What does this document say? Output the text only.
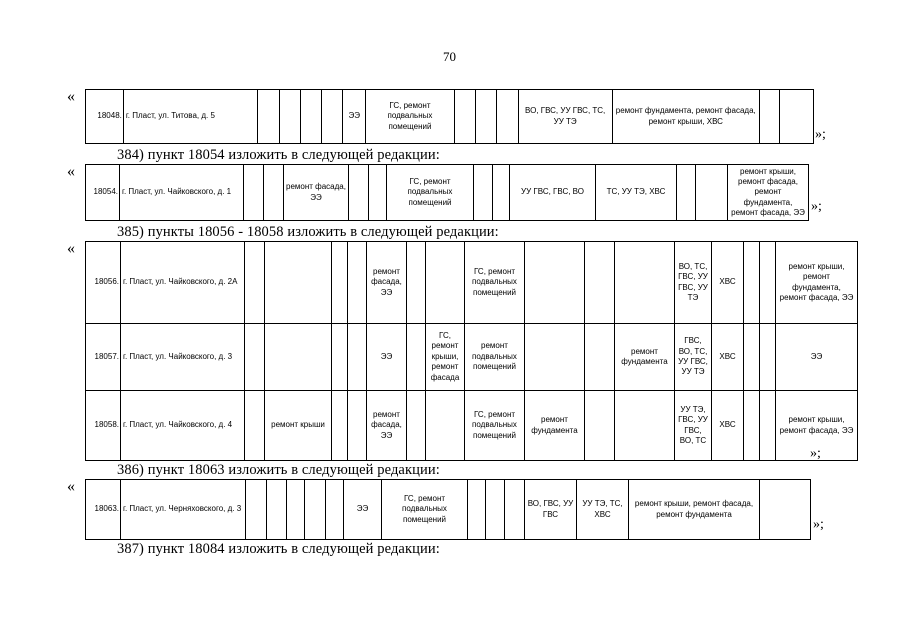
70
«
18048.	г. Пласт, ул. Титова, д. 5					ЭЭ	ГС, ремонт подвальных помещений				ВО, ГВС, УУ ГВС, ТС, УУ ТЭ	ремонт фундамента, ремонт фасада, ремонт крыши, ХВС		
»;
384) пункт 18054 изложить в следующей редакции:
«
18054.	г. Пласт, ул. Чайковского, д. 1			ремонт фасада, ЭЭ			ГС, ремонт подвальных помещений			УУ ГВС, ГВС, ВО	ТС, УУ ТЭ, ХВС			ремонт крыши, ремонт фасада, ремонт фундамента, ремонт фасада, ЭЭ »;
385) пункты 18056 - 18058 изложить в следующей редакции:
«
18056.	г. Пласт, ул. Чайковского, д. 2А					ремонт фасада, ЭЭ			ГС, ремонт подвальных помещений				ВО, ТС, ГВС, УУ ГВС, УУ ТЭ	ХВС			ремонт крыши, ремонт фундамента, ремонт фасада, ЭЭ
18057.	г. Пласт, ул. Чайковского, д. 3					ЭЭ		ГС, ремонт крыши, ремонт фасада	ремонт подвальных помещений			ремонт фундамента	ГВС, ВО, ТС, УУ ГВС, УУ ТЭ	ХВС			ЭЭ
18058.	г. Пласт, ул. Чайковского, д. 4		ремонт крыши			ремонт фасада, ЭЭ			ГС, ремонт подвальных помещений	ремонт фундамента			УУ ТЭ, ГВС, УУ ГВС, ВО, ТС	ХВС			ремонт крыши, ремонт фасада, ЭЭ
»;
386) пункт 18063 изложить в следующей редакции:
«
18063.	г. Пласт, ул. Черняховского, д. 3						ЭЭ	ГС, ремонт подвальных помещений				ВО, ГВС, УУ ГВС	УУ ТЭ, ТС, ХВС	ремонт крыши, ремонт фасада, ремонт фундамента	
»;
387) пункт 18084 изложить в следующей редакции:
